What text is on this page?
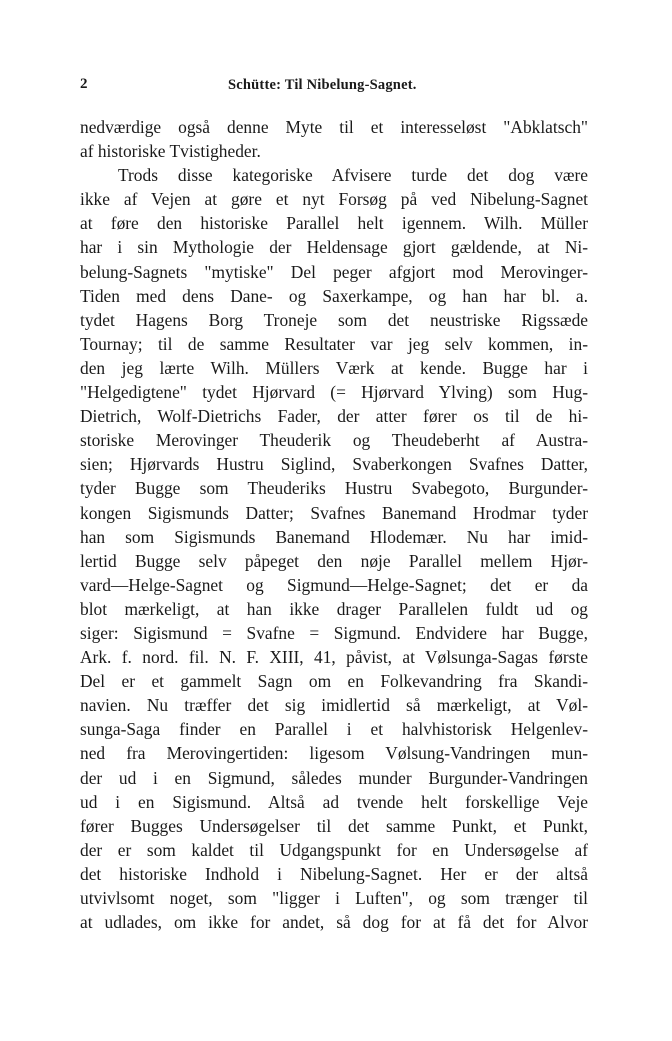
2	Schütte: Til Nibelung-Sagnet.
nedværdige også denne Myte til et interesseløst "Abklatsch"
af historiske Tvistigheder.
Trods disse kategoriske Afvisere turde det dog være
ikke af Vejen at gøre et nyt Forsøg på ved Nibelung-Sagnet
at føre den historiske Parallel helt igennem. Wilh. Müller
har i sin Mythologie der Heldensage gjort gældende, at Ni-
belung-Sagnets "mytiske" Del peger afgjort mod Merovinger-
Tiden med dens Dane- og Saxerkampe, og han har bl. a.
tydet Hagens Borg Troneje som det neustriske Rigssæde
Tournay; til de samme Resultater var jeg selv kommen, in-
den jeg lærte Wilh. Müllers Værk at kende. Bugge har i
"Helgedigtene" tydet Hjørvard (= Hjørvard Ylving) som Hug-
Dietrich, Wolf-Dietrichs Fader, der atter fører os til de hi-
storiske Merovinger Theuderik og Theudeberht af Austra-
sien; Hjørvards Hustru Siglind, Svaberkongen Svafnes Datter,
tyder Bugge som Theuderiks Hustru Svabegoto, Burgunder-
kongen Sigismunds Datter; Svafnes Banemand Hrodmar tyder
han som Sigismunds Banemand Hlodemær. Nu har imid-
lertid Bugge selv påpeget den nøje Parallel mellem Hjør-
vard—Helge-Sagnet og Sigmund—Helge-Sagnet; det er da
blot mærkeligt, at han ikke drager Parallelen fuldt ud og
siger: Sigismund = Svafne = Sigmund. Endvidere har Bugge,
Ark. f. nord. fil. N. F. XIII, 41, påvist, at Vølsunga-Sagas første
Del er et gammelt Sagn om en Folkevandring fra Skandi-
navien. Nu træffer det sig imidlertid så mærkeligt, at Vøl-
sunga-Saga finder en Parallel i et halvhistorisk Helgenlev-
ned fra Merovingertiden: ligesom Vølsung-Vandringen mun-
der ud i en Sigmund, således munder Burgunder-Vandringen
ud i en Sigismund. Altså ad tvende helt forskellige Veje
fører Bugges Undersøgelser til det samme Punkt, et Punkt,
der er som kaldet til Udgangspunkt for en Undersøgelse af
det historiske Indhold i Nibelung-Sagnet. Her er der altså
utvivlsomt noget, som "ligger i Luften", og som trænger til
at udlades, om ikke for andet, så dog for at få det for Alvor
